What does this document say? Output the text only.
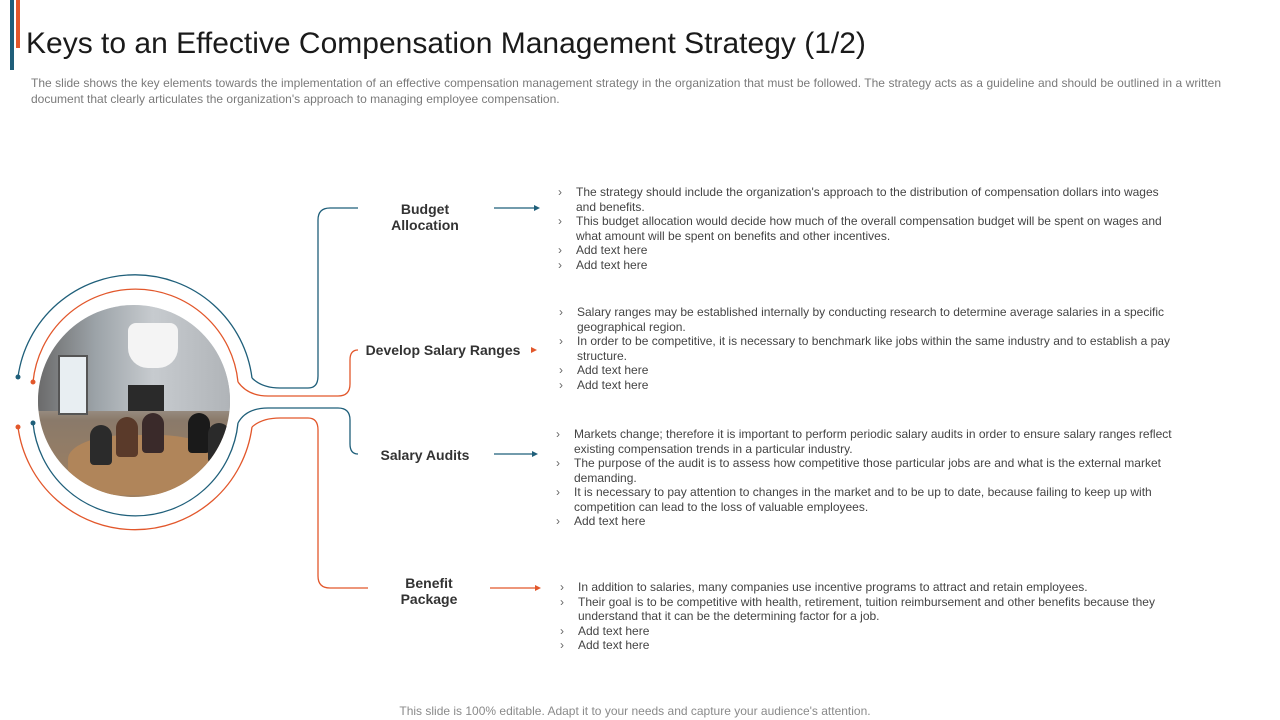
Keys to an Effective Compensation Management Strategy (1/2)

The slide shows the key elements towards the implementation of an effective compensation management strategy in the organization that must be followed. The strategy acts as a guideline and should be outlined in a written document that clearly articulates the organization's approach to managing employee compensation.

Budget Allocation
Develop Salary Ranges
Salary Audits
Benefit Package
› The strategy should include the organization's approach to the distribution of compensation dollars into wages and benefits.
› This budget allocation would decide how much of the overall compensation budget will be spent on wages and what amount will be spent on benefits and other incentives.
› Add text here
› Add text here
› Salary ranges may be established internally by conducting research to determine average salaries in a specific geographical region.
› In order to be competitive, it is necessary to benchmark like jobs within the same industry and to establish a pay structure.
› Add text here
› Add text here
› Markets change; therefore it is important to perform periodic salary audits in order to ensure salary ranges reflect existing compensation trends in a particular industry.
› The purpose of the audit is to assess how competitive those particular jobs are and what is the external market demanding.
› It is necessary to pay attention to changes in the market and to be up to date, because failing to keep up with competition can lead to the loss of valuable employees.
› Add text here
› In addition to salaries, many companies use incentive programs to attract and retain employees.
› Their goal is to be competitive with health, retirement, tuition reimbursement and other benefits because they understand that it can be the determining factor for a job.
› Add text here
› Add text here
This slide is 100% editable. Adapt it to your needs and capture your audience's attention.
